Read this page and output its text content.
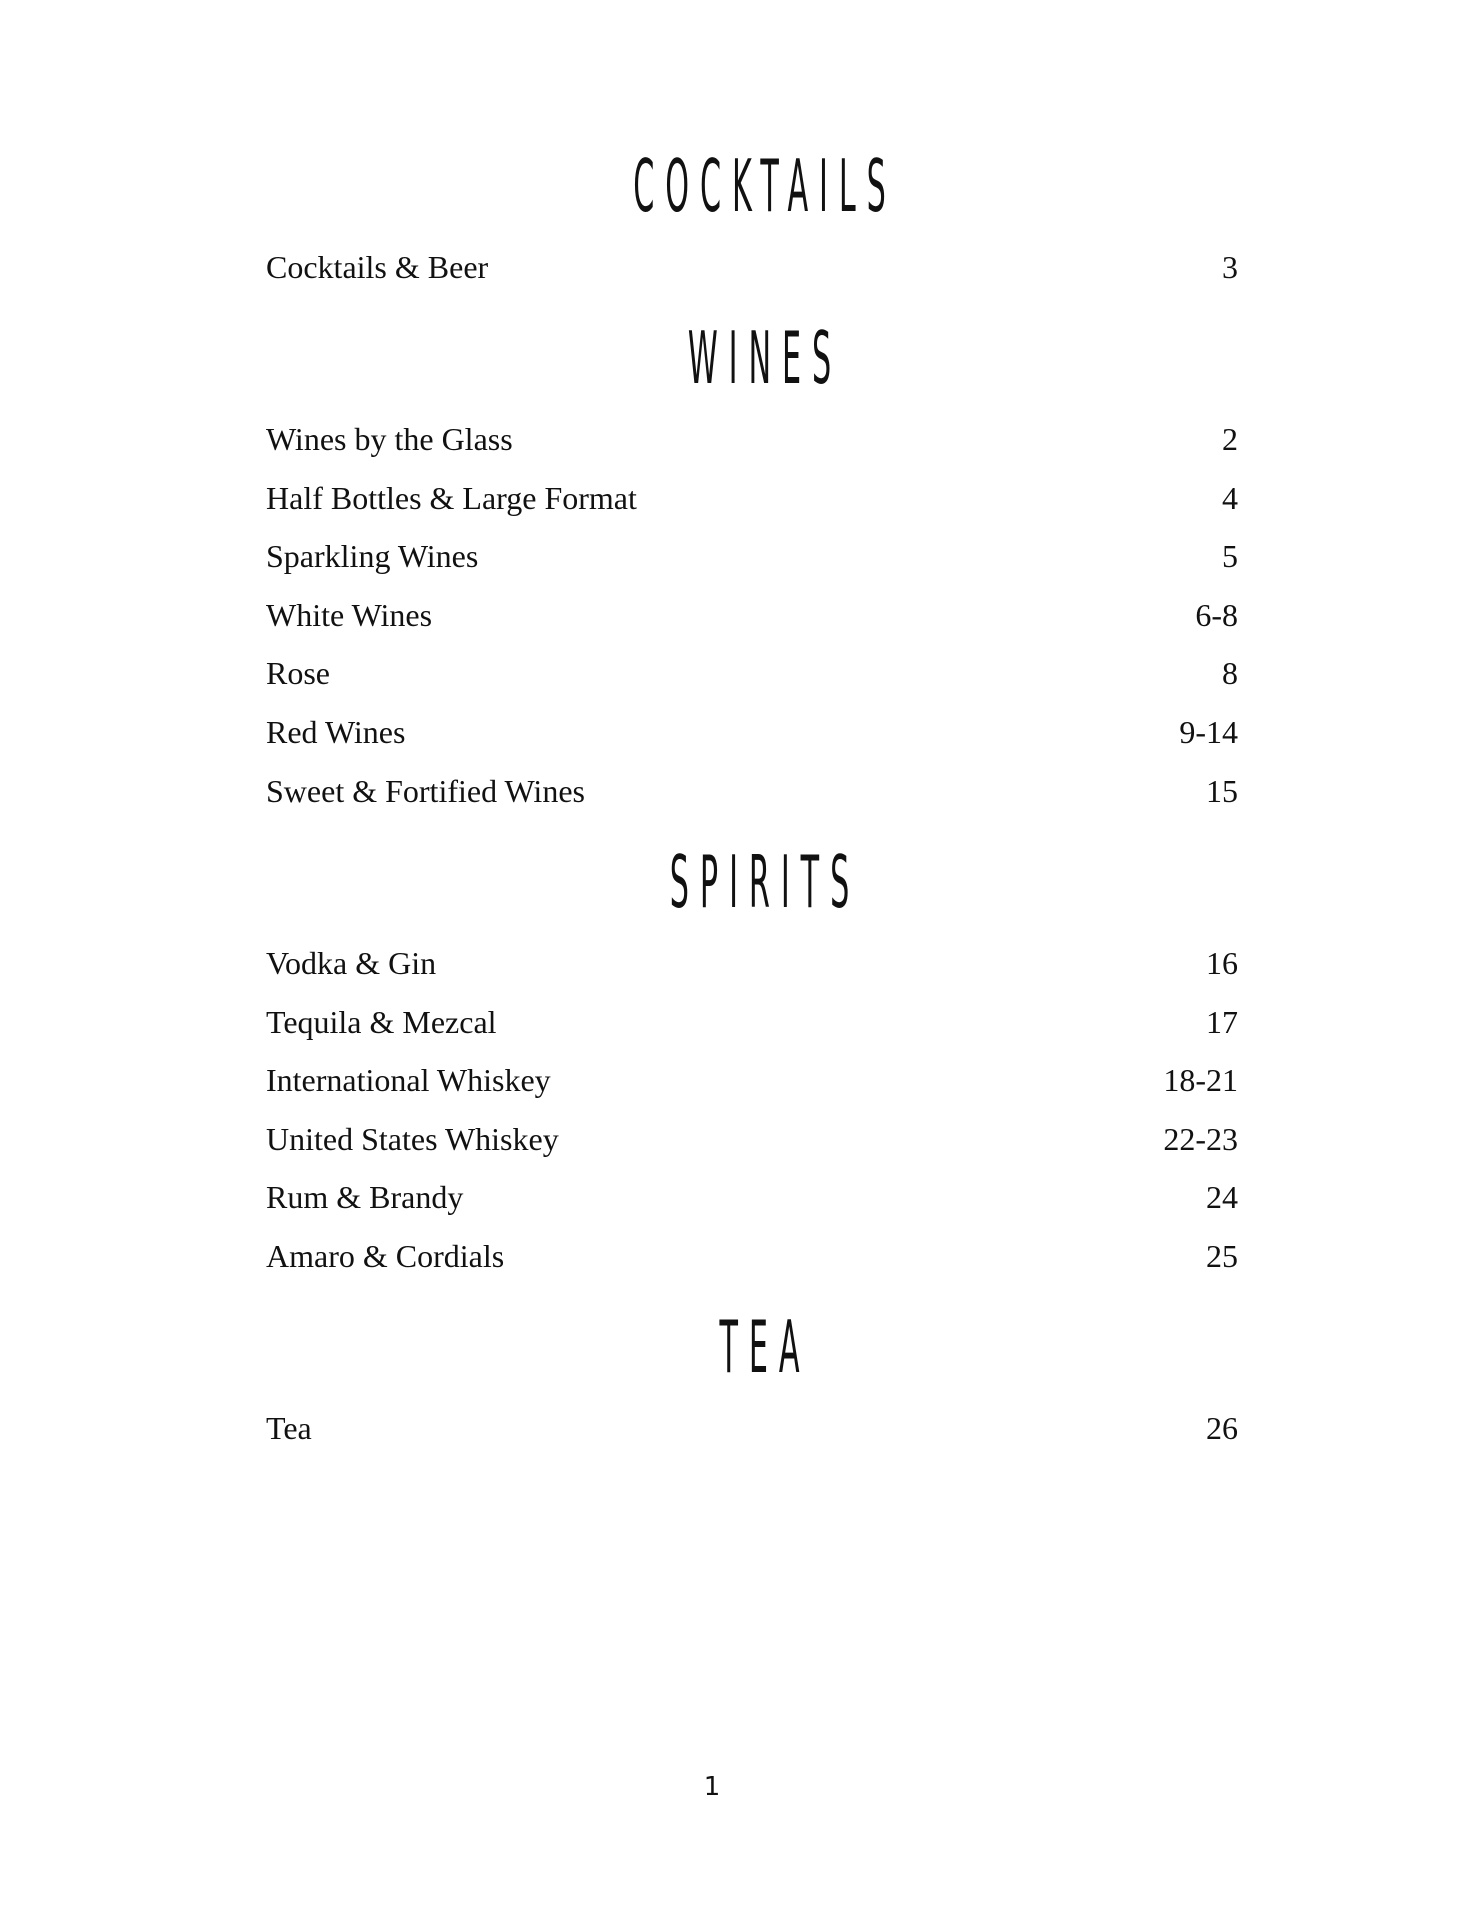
COCKTAILS
Cocktails & Beer	3
WINES
Wines by the Glass	2
Half Bottles & Large Format	4
Sparkling Wines	5
White Wines	6-8
Rose	8
Red Wines	9-14
Sweet & Fortified Wines	15
SPIRITS
Vodka & Gin	16
Tequila & Mezcal	17
International Whiskey	18-21
United States Whiskey	22-23
Rum & Brandy	24
Amaro & Cordials	25
TEA
Tea	26
1
